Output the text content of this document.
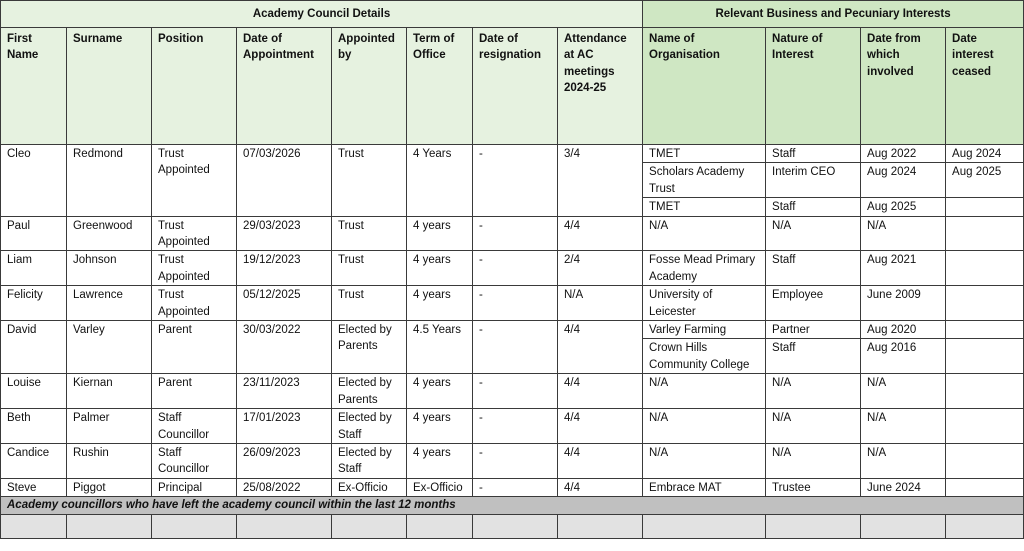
Academy Council Details								Relevant Business and Pecuniary Interests			
First Name	Surname	Position	Date of Appointment	Appointed by	Term of Office	Date of resignation	Attendance at AC meetings 2024-25	Name of Organisation	Nature of Interest	Date from which involved	Date interest ceased
Cleo	Redmond	Trust Appointed	07/03/2026	Trust	4 Years	-	3/4	TMET	Staff	Aug 2022	Aug 2024
								Scholars Academy Trust	Interim CEO	Aug 2024	Aug 2025
								TMET	Staff	Aug 2025	
Paul	Greenwood	Trust Appointed	29/03/2023	Trust	4 years	-	4/4	N/A	N/A	N/A	
Liam	Johnson	Trust Appointed	19/12/2023	Trust	4 years	-	2/4	Fosse Mead Primary Academy	Staff	Aug 2021	
Felicity	Lawrence	Trust Appointed	05/12/2025	Trust	4 years	-	N/A	University of Leicester	Employee	June 2009	
David	Varley	Parent	30/03/2022	Elected by Parents	4.5 Years	-	4/4	Varley Farming	Partner	Aug 2020	
								Crown Hills Community College	Staff	Aug 2016	
Louise	Kiernan	Parent	23/11/2023	Elected by Parents	4 years	-	4/4	N/A	N/A	N/A	
Beth	Palmer	Staff Councillor	17/01/2023	Elected by Staff	4 years	-	4/4	N/A	N/A	N/A	
Candice	Rushin	Staff Councillor	26/09/2023	Elected by Staff	4 years	-	4/4	N/A	N/A	N/A	
Steve	Piggot	Principal	25/08/2022	Ex-Officio	Ex-Officio	-	4/4	Embrace MAT	Trustee	June 2024	
Academy councillors who have left the academy council within the last 12 months											
